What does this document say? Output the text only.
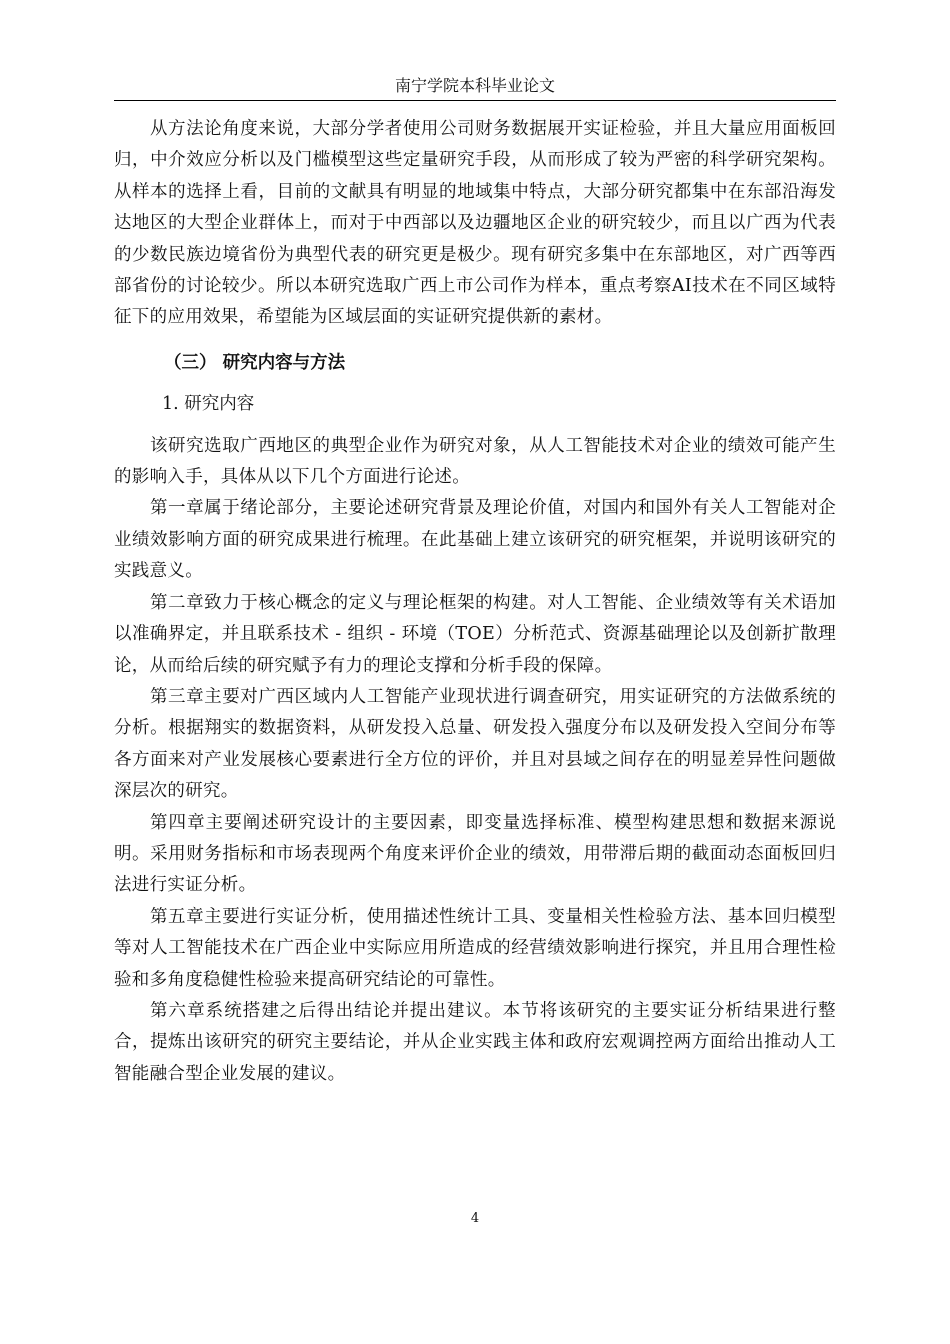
南宁学院本科毕业论文

从方法论角度来说，大部分学者使用公司财务数据展开实证检验，并且大量应用面板回归，中介效应分析以及门槛模型这些定量研究手段，从而形成了较为严密的科学研究架构。从样本的选择上看，目前的文献具有明显的地域集中特点，大部分研究都集中在东部沿海发达地区的大型企业群体上，而对于中西部以及边疆地区企业的研究较少，而且以广西为代表的少数民族边境省份为典型代表的研究更是极少。现有研究多集中在东部地区，对广西等西部省份的讨论较少。所以本研究选取广西上市公司作为样本，重点考察AI技术在不同区域特征下的应用效果，希望能为区域层面的实证研究提供新的素材。

（三） 研究内容与方法
1. 研究内容

该研究选取广西地区的典型企业作为研究对象，从人工智能技术对企业的绩效可能产生的影响入手，具体从以下几个方面进行论述。

第一章属于绪论部分，主要论述研究背景及理论价值，对国内和国外有关人工智能对企业绩效影响方面的研究成果进行梳理。在此基础上建立该研究的研究框架，并说明该研究的实践意义。

第二章致力于核心概念的定义与理论框架的构建。对人工智能、企业绩效等有关术语加以准确界定，并且联系技术 - 组织 - 环境（TOE）分析范式、资源基础理论以及创新扩散理论，从而给后续的研究赋予有力的理论支撑和分析手段的保障。

第三章主要对广西区域内人工智能产业现状进行调查研究，用实证研究的方法做系统的分析。根据翔实的数据资料，从研发投入总量、研发投入强度分布以及研发投入空间分布等各方面来对产业发展核心要素进行全方位的评价，并且对县域之间存在的明显差异性问题做深层次的研究。

第四章主要阐述研究设计的主要因素，即变量选择标准、模型构建思想和数据来源说明。采用财务指标和市场表现两个角度来评价企业的绩效，用带滞后期的截面动态面板回归法进行实证分析。

第五章主要进行实证分析，使用描述性统计工具、变量相关性检验方法、基本回归模型等对人工智能技术在广西企业中实际应用所造成的经营绩效影响进行探究，并且用合理性检验和多角度稳健性检验来提高研究结论的可靠性。

第六章系统搭建之后得出结论并提出建议。本节将该研究的主要实证分析结果进行整合，提炼出该研究的研究主要结论，并从企业实践主体和政府宏观调控两方面给出推动人工智能融合型企业发展的建议。

4
